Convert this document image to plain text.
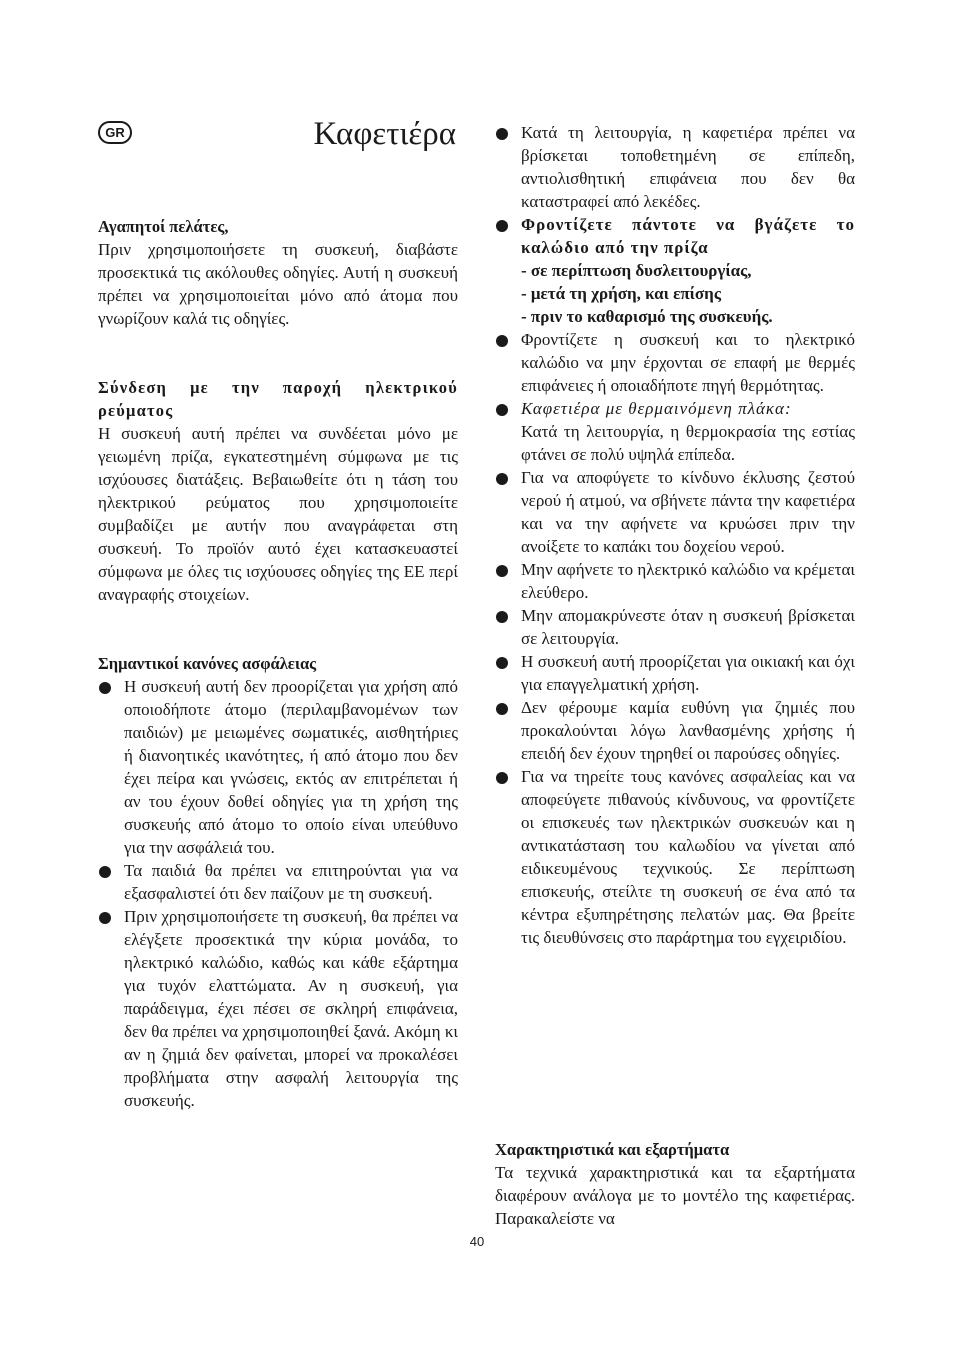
GR	Καφετιέρα
Αγαπητοί πελάτες,
Πριν χρησιμοποιήσετε τη συσκευή, διαβάστε προσεκτικά τις ακόλουθες οδηγίες. Αυτή η συσκευή πρέπει να χρησιμοποιείται μόνο από άτομα που γνωρίζουν καλά τις οδηγίες.
Σύνδεση με την παροχή ηλεκτρικού ρεύματος
Η συσκευή αυτή πρέπει να συνδέεται μόνο με γειωμένη πρίζα, εγκατεστημένη σύμφωνα με τις ισχύουσες διατάξεις. Βεβαιωθείτε ότι η τάση του ηλεκτρικού ρεύματος που χρησιμοποιείτε συμβαδίζει με αυτήν που αναγράφεται στη συσκευή. Το προϊόν αυτό έχει κατασκευαστεί σύμφωνα με όλες τις ισχύουσες οδηγίες της ΕΕ περί αναγραφής στοιχείων.
Σημαντικοί κανόνες ασφάλειας

Η συσκευή αυτή δεν προορίζεται για χρήση από οποιοδήποτε άτομο (περιλαμβανομένων των παιδιών) με μειωμένες σωματικές, αισθητήριες ή διανοητικές ικανότητες, ή από άτομο που δεν έχει πείρα και γνώσεις, εκτός αν επιτρέπεται ή αν του έχουν δοθεί οδηγίες για τη χρήση της συσκευής από άτομο το οποίο είναι υπεύθυνο για την ασφάλειά του.

Τα παιδιά θα πρέπει να επιτηρούνται για να εξασφαλιστεί ότι δεν παίζουν με τη συσκευή.

Πριν χρησιμοποιήσετε τη συσκευή, θα πρέπει να ελέγξετε προσεκτικά την κύρια μονάδα, το ηλεκτρικό καλώδιο, καθώς και κάθε εξάρτημα για τυχόν ελαττώματα. Αν η συσκευή, για παράδειγμα, έχει πέσει σε σκληρή επιφάνεια, δεν θα πρέπει να χρησιμοποιηθεί ξανά. Ακόμη κι αν η ζημιά δεν φαίνεται, μπορεί να προκαλέσει προβλήματα στην ασφαλή λειτουργία της συσκευής.

Κατά τη λειτουργία, η καφετιέρα πρέπει να βρίσκεται τοποθετημένη σε επίπεδη, αντιολισθητική επιφάνεια που δεν θα καταστραφεί από λεκέδες.

Φροντίζετε πάντοτε να βγάζετε το καλώδιο από την πρίζα

- σε περίπτωση δυσλειτουργίας,
- μετά τη χρήση, και επίσης
- πριν το καθαρισμό της συσκευής.

Φροντίζετε η συσκευή και το ηλεκτρικό καλώδιο να μην έρχονται σε επαφή με θερμές επιφάνειες ή οποιαδήποτε πηγή θερμότητας.

Καφετιέρα με θερμαινόμενη πλάκα:

Κατά τη λειτουργία, η θερμοκρασία της εστίας φτάνει σε πολύ υψηλά επίπεδα.

Για να αποφύγετε το κίνδυνο έκλυσης ζεστού νερού ή ατμού, να σβήνετε πάντα την καφετιέρα και να την αφήνετε να κρυώσει πριν την ανοίξετε το καπάκι του δοχείου νερού.

Μην αφήνετε το ηλεκτρικό καλώδιο να κρέμεται ελεύθερο.

Μην απομακρύνεστε όταν η συσκευή βρίσκεται σε λειτουργία.

Η συσκευή αυτή προορίζεται για οικιακή και όχι για επαγγελματική χρήση.

Δεν φέρουμε καμία ευθύνη για ζημιές που προκαλούνται λόγω λανθασμένης χρήσης ή επειδή δεν έχουν τηρηθεί οι παρούσες οδηγίες.

Για να τηρείτε τους κανόνες ασφαλείας και να αποφεύγετε πιθανούς κίνδυνους, να φροντίζετε οι επισκευές των ηλεκτρικών συσκευών και η αντικατάσταση του καλωδίου να γίνεται από ειδικευμένους τεχνικούς. Σε περίπτωση επισκευής, στείλτε τη συσκευή σε ένα από τα κέντρα εξυπηρέτησης πελατών μας. Θα βρείτε τις διευθύνσεις στο παράρτημα του εγχειριδίου.

Χαρακτηριστικά και εξαρτήματα
Τα τεχνικά χαρακτηριστικά και τα εξαρτήματα διαφέρουν ανάλογα με το μοντέλο της καφετιέρας. Παρακαλείστε να
40
